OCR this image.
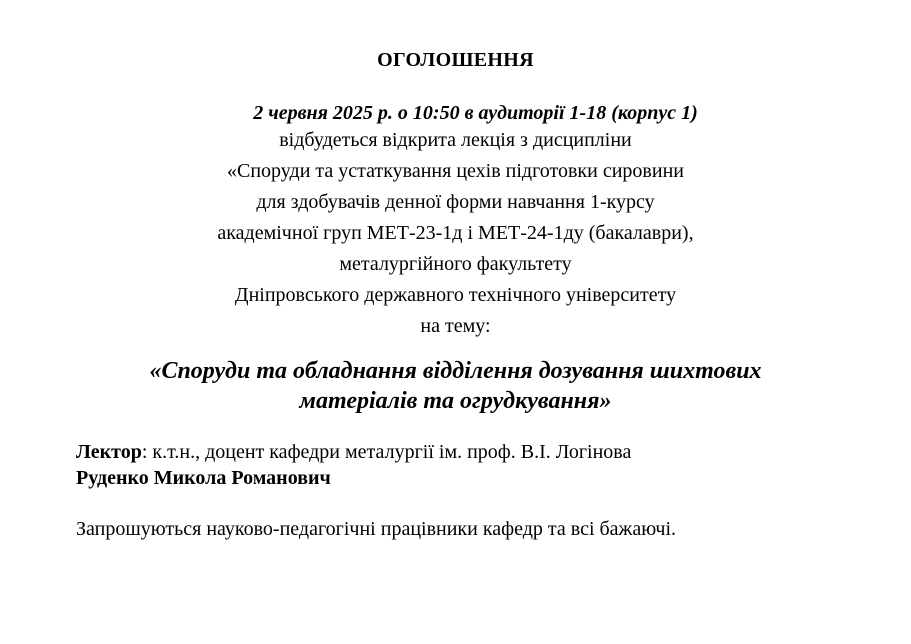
ОГОЛОШЕННЯ
2 червня 2025 р. о 10:50 в аудиторії 1-18 (корпус 1)
відбудеться відкрита лекція з дисципліни
«Споруди та устаткування цехів підготовки сировини
для здобувачів денної форми навчання 1-курсу
академічної груп МЕТ-23-1д і МЕТ-24-1ду (бакалаври),
металургійного факультету
Дніпровського державного технічного університету
на тему:
«Споруди та обладнання відділення дозування шихтових
матеріалів та огрудкування»
Лектор: к.т.н., доцент кафедри металургії ім. проф. В.І. Логінова
Руденко Микола Романович
Запрошуються науково-педагогічні працівники кафедр та всі бажаючі.
